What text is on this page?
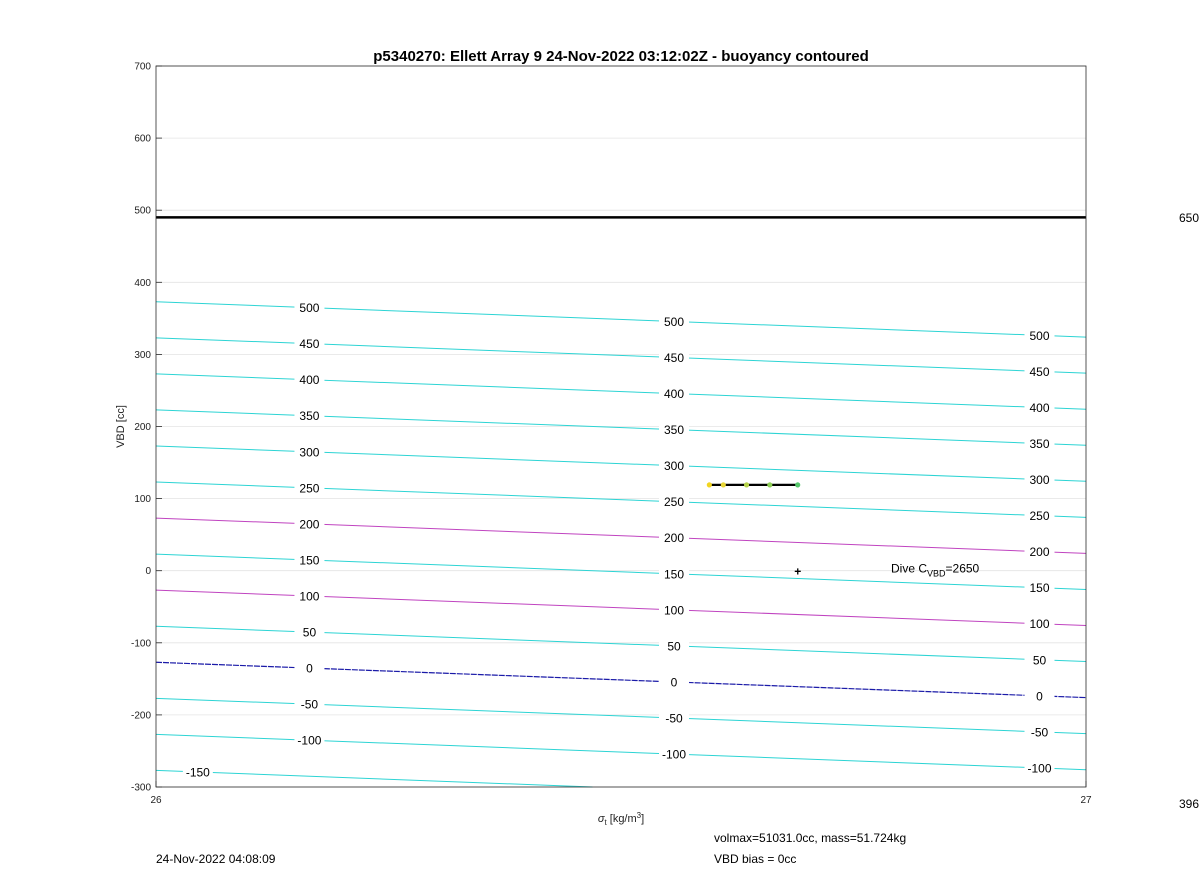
p5340270: Ellett Array 9 24-Nov-2022 03:12:02Z - buoyancy contoured
-150
-100
-100
-100
-50
-50
-50
0
0
0
50
50
50
100
100
100
150
150
150
200
200
200
250
250
250
300
300
300
350
350
350
400
400
400
450
450
450
500
500
500
700
600
500
400
300
200
100
0
-100
-200
-300
26	27
VBD [cc]
$\sigma_t$ $[kg/m^3]$
+	Dive $C_{VBD}=2650$
650
396
volmax=51031.0cc, mass=51.724kg
24-Nov-2022 04:08:09	VBD bias = 0cc
